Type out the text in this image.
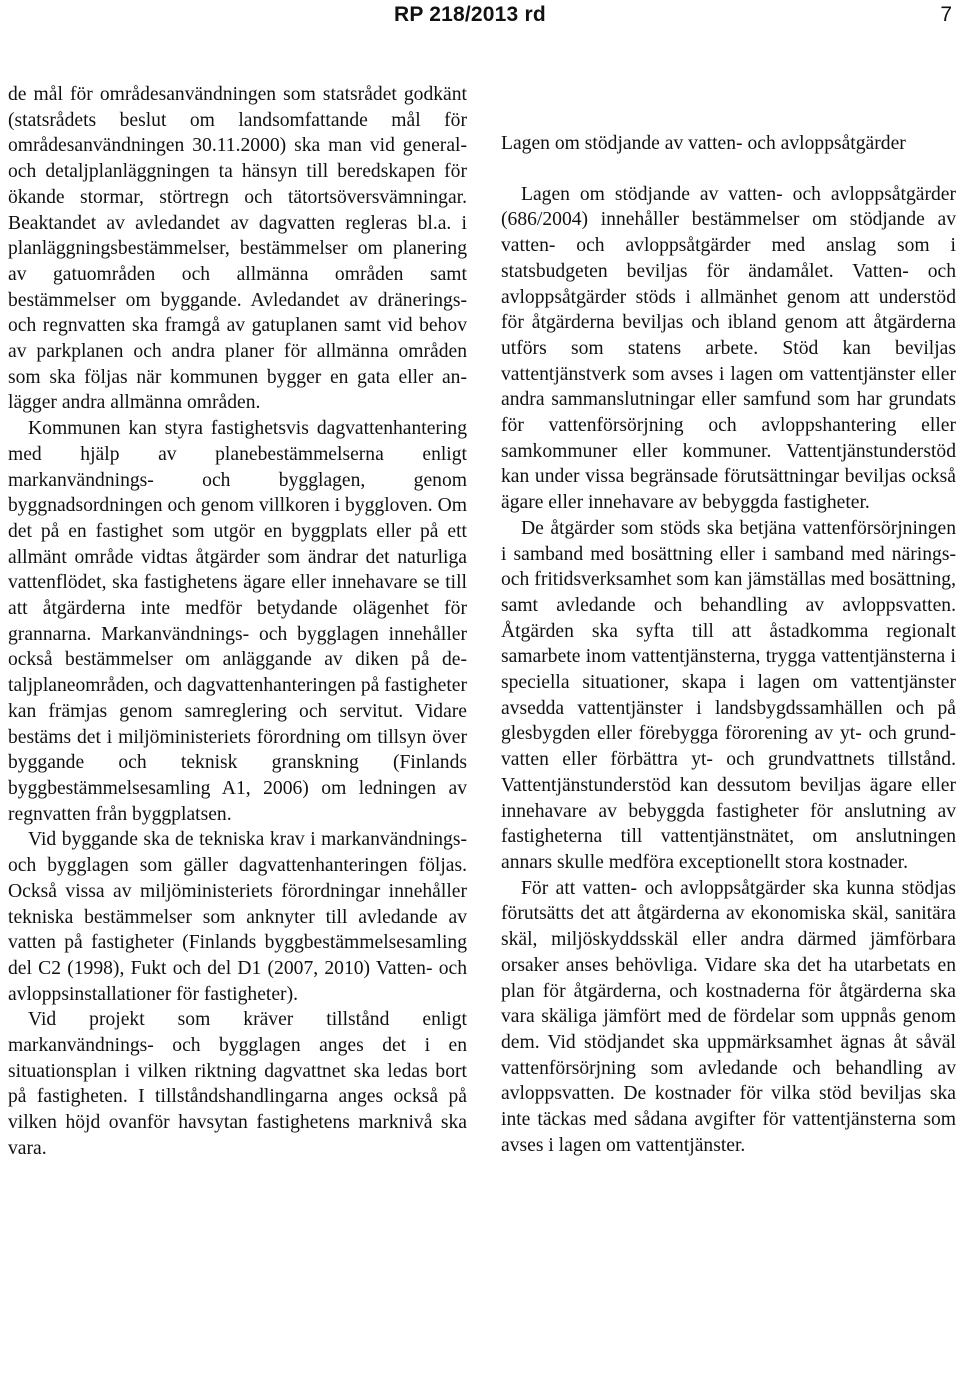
RP 218/2013 rd	7

de mål för områdesanvändningen som statsrådet godkänt (statsrådets beslut om landsomfattande mål för områdesanvändningen 30.11.2000) ska man vid general- och detaljplanläggningen ta hänsyn till beredskapen för ökande stormar, störtregn och tätortsöversvämningar. Beaktandet av avledandet av dagvatten regleras bl.a. i planläggningsbestämmelser, bestämmelser om planering av gatuområden och allmänna områden samt bestämmelser om byggande. Avledandet av dränerings- och regnvatten ska framgå av gatuplanen samt vid behov av parkplanen och andra planer för allmänna områden som ska följas när kommunen bygger en gata eller anlägger andra allmänna områden.

Kommunen kan styra fastighetsvis dagvattenhantering med hjälp av planebestämmelserna enligt markanvändnings- och bygglagen, genom byggnadsordningen och genom villkoren i byggloven. Om det på en fastighet som utgör en byggplats eller på ett allmänt område vidtas åtgärder som ändrar det naturliga vattenflödet, ska fastighetens ägare eller innehavare se till att åtgärderna inte medför betydande olägenhet för grannarna. Markanvändnings- och bygglagen innehåller också bestämmelser om anläggande av diken på detaljplaneområden, och dagvattenhanteringen på fastigheter kan främjas genom samreglering och servitut. Vidare bestäms det i miljöministeriets förordning om tillsyn över byggande och teknisk granskning (Finlands byggbestämmelsesamling A1, 2006) om ledningen av regnvatten från byggplatsen.

Vid byggande ska de tekniska krav i markanvändnings- och bygglagen som gäller dagvattenhanteringen följas. Också vissa av miljöministeriets förordningar innehåller tekniska bestämmelser som anknyter till avledande av vatten på fastigheter (Finlands byggbestämmelsesamling del C2 (1998), Fukt och del D1 (2007, 2010) Vatten- och avloppsinstallationer för fastigheter).

Vid projekt som kräver tillstånd enligt markanvändnings- och bygglagen anges det i en situationsplan i vilken riktning dagvattnet ska ledas bort på fastigheten. I tillståndshandlingarna anges också på vilken höjd ovanför havsytan fastighetens marknivå ska vara.

Lagen om stödjande av vatten- och avloppsåtgärder

Lagen om stödjande av vatten- och avloppsåtgärder (686/2004) innehåller bestämmelser om stödjande av vatten- och avloppsåtgärder med anslag som i statsbudgeten beviljas för ändamålet. Vatten- och avloppsåtgärder stöds i allmänhet genom att understöd för åtgärderna beviljas och ibland genom att åtgärderna utförs som statens arbete. Stöd kan beviljas vattentjänstverk som avses i lagen om vattentjänster eller andra sammanslutningar eller samfund som har grundats för vattenförsörjning och avloppshantering eller samkommuner eller kommuner. Vattentjänstunderstöd kan under vissa begränsade förutsättningar beviljas också ägare eller innehavare av bebyggda fastigheter.

De åtgärder som stöds ska betjäna vattenförsörjningen i samband med bosättning eller i samband med närings- och fritidsverksamhet som kan jämställas med bosättning, samt avledande och behandling av avloppsvatten. Åtgärden ska syfta till att åstadkomma regionalt samarbete inom vattentjänsterna, trygga vattentjänsterna i speciella situationer, skapa i lagen om vattentjänster avsedda vattentjänster i landsbygdssamhällen och på glesbygden eller förebygga förorening av yt- och grundvatten eller förbättra yt- och grundvattnets tillstånd. Vattentjänstunderstöd kan dessutom beviljas ägare eller innehavare av bebyggda fastigheter för anslutning av fastigheterna till vattentjänstnätet, om anslutningen annars skulle medföra exceptionellt stora kostnader.

För att vatten- och avloppsåtgärder ska kunna stödjas förutsätts det att åtgärderna av ekonomiska skäl, sanitära skäl, miljöskyddsskäl eller andra därmed jämförbara orsaker anses behövliga. Vidare ska det ha utarbetats en plan för åtgärderna, och kostnaderna för åtgärderna ska vara skäliga jämfört med de fördelar som uppnås genom dem. Vid stödjandet ska uppmärksamhet ägnas åt såväl vattenförsörjning som avledande och behandling av avloppsvatten. De kostnader för vilka stöd beviljas ska inte täckas med sådana avgifter för vattentjänsterna som avses i lagen om vattentjänster.
